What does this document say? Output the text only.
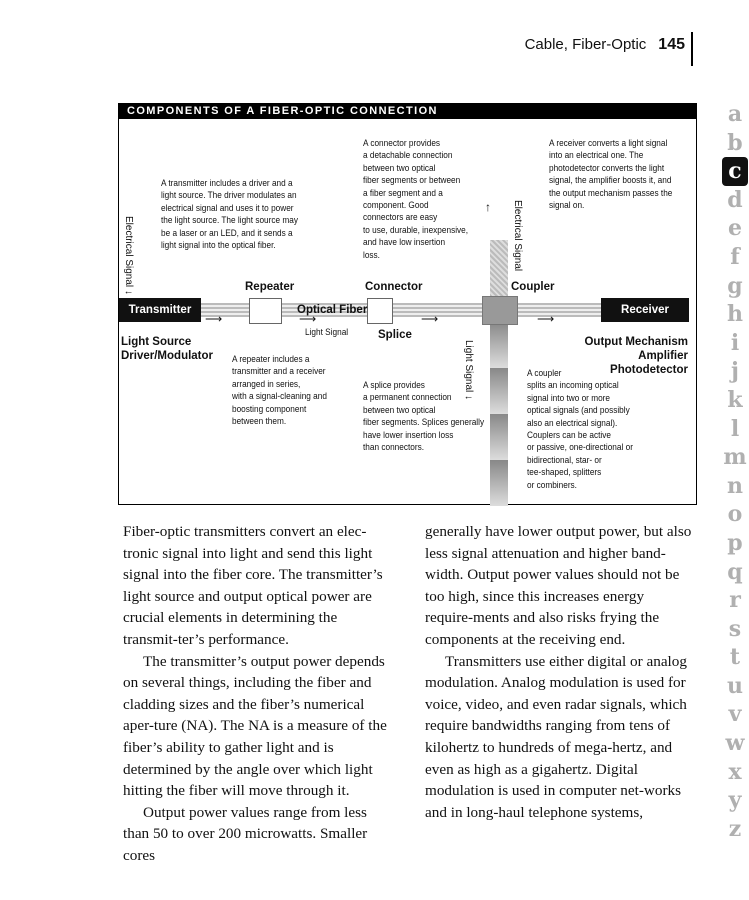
Cable, Fiber-Optic 145
COMPONENTS OF A FIBER-OPTIC CONNECTION
Electrical Signal ↓
A transmitter includes a driver and a
light source. The driver modulates an
electrical signal and uses it to power
the light source. The light source may
be a laser or an LED, and it sends a
light signal into the optical fiber.
A connector provides
a detachable connection
between two optical
fiber segments or between
a fiber segment and a
component. Good
connectors are easy
to use, durable, inexpensive,
and have low insertion
loss.
A receiver converts a light signal
into an electrical one. The
photodetector converts the light
signal, the amplifier boosts it, and
the output mechanism passes the
signal on.
Electrical Signal
↑
Transmitter	Receiver
Repeater	Connector	Coupler
Optical Fiber
Splice
⟶	⟶	⟶	⟶
Light Signal
Light Signal ↓
Light Source
Driver/Modulator
Output Mechanism
Amplifier
Photodetector
A repeater includes a
transmitter and a receiver
arranged in series,
with a signal-cleaning and
boosting component
between them.
A splice provides
a permanent connection
between two optical
fiber segments. Splices generally
have lower insertion loss
than connectors.
A coupler
splits an incoming optical
signal into two or more
optical signals (and possibly
also an electrical signal).
Couplers can be active
or passive, one-directional or
bidirectional, star- or
tee-shaped, splitters
or combiners.

Fiber-optic transmitters convert an elec-tronic signal into light and send this light signal into the fiber core. The transmitter’s light source and output optical power are crucial elements in determining the transmit-ter’s performance.

The transmitter’s output power depends on several things, including the fiber and cladding sizes and the fiber’s numerical aper-ture (NA). The NA is a measure of the fiber’s ability to gather light and is determined by the angle over which light hitting the fiber will move through it.

Output power values range from less than 50 to over 200 microwatts. Smaller cores

generally have lower output power, but also less signal attenuation and higher band-width. Output power values should not be too high, since this increases energy require-ments and also risks frying the components at the receiving end.

Transmitters use either digital or analog modulation. Analog modulation is used for voice, video, and even radar signals, which require bandwidths ranging from tens of kilohertz to hundreds of mega-hertz, and even as high as a gigahertz. Digital modulation is used in computer net-works and in long-haul telephone systems,

a
b
c
d
e
f
g
h
i
j
k
l
m
n
o
p
q
r
s
t
u
v
w
x
y
z
